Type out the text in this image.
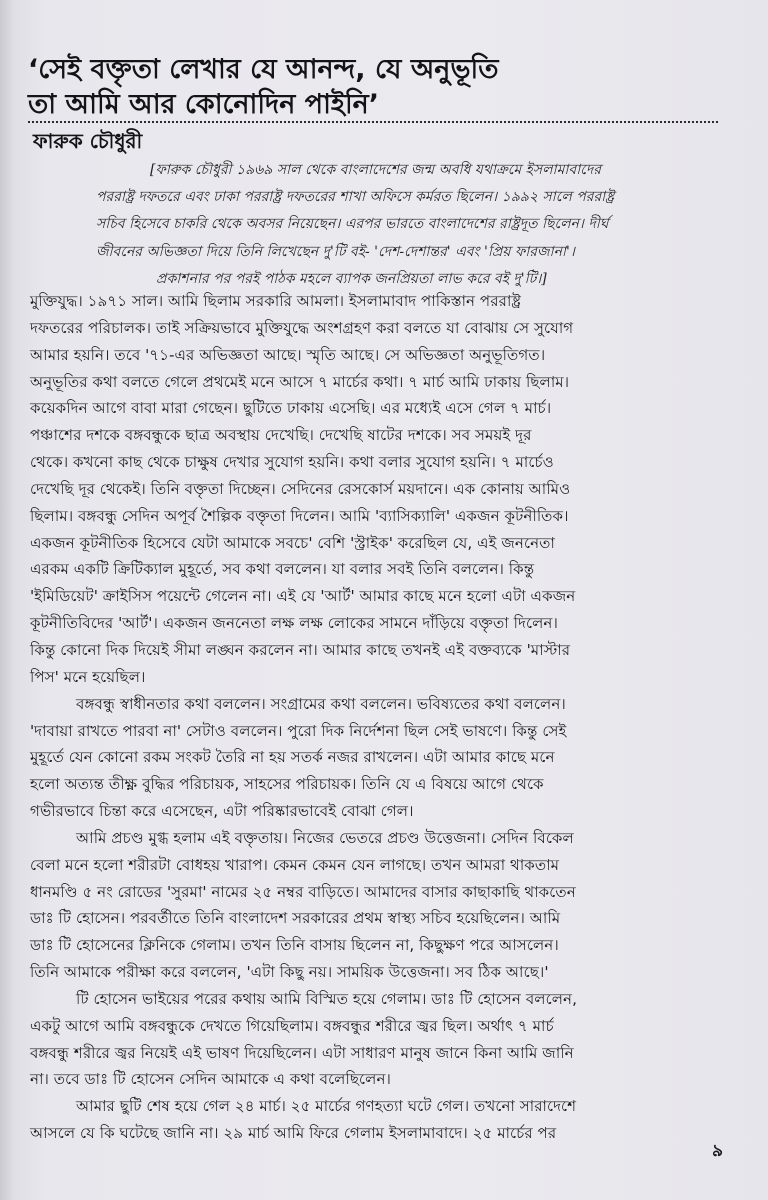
‘সেই বক্তৃতা লেখার যে আনন্দ, যে অনুভূতি
তা আমি আর কোনোদিন পাইনি’
ফারুক চৌধুরী
[ফারুক চৌধুরী ১৯৬৯ সাল থেকে বাংলাদেশের জন্ম অবধি যথাক্রমে ইসলামাবাদের
পররাষ্ট্র দফতরে এবং ঢাকা পররাষ্ট্র দফতরের শাখা অফিসে কর্মরত ছিলেন। ১৯৯২ সালে পররাষ্ট্র
সচিব হিসেবে চাকরি থেকে অবসর নিয়েছেন। এরপর ভারতে বাংলাদেশের রাষ্ট্রদূত ছিলেন। দীর্ঘ
জীবনের অভিজ্ঞতা দিয়ে তিনি লিখেছেন দু'টি বই- 'দেশ-দেশান্তর' এবং 'প্রিয় ফারজানা'।
প্রকাশনার পর পরই পাঠক মহলে ব্যাপক জনপ্রিয়তা লাভ করে বই দু'টি।]
মুক্তিযুদ্ধ। ১৯৭১ সাল। আমি ছিলাম সরকারি আমলা। ইসলামাবাদ পাকিস্তান পররাষ্ট্র
দফতরের পরিচালক। তাই সক্রিয়ভাবে মুক্তিযুদ্ধে অংশগ্রহণ করা বলতে যা বোঝায় সে সুযোগ
আমার হয়নি। তবে '৭১-এর অভিজ্ঞতা আছে। স্মৃতি আছে। সে অভিজ্ঞতা অনুভূতিগত।
অনুভূতির কথা বলতে গেলে প্রথমেই মনে আসে ৭ মার্চের কথা। ৭ মার্চ আমি ঢাকায় ছিলাম।
কয়েকদিন আগে বাবা মারা গেছেন। ছুটিতে ঢাকায় এসেছি। এর মধ্যেই এসে গেল ৭ মার্চ।
পঞ্চাশের দশকে বঙ্গবন্ধুকে ছাত্র অবস্থায় দেখেছি। দেখেছি ষাটের দশকে। সব সময়ই দূর
থেকে। কখনো কাছ থেকে চাক্ষুষ দেখার সুযোগ হয়নি। কথা বলার সুযোগ হয়নি। ৭ মার্চেও
দেখেছি দূর থেকেই। তিনি বক্তৃতা দিচ্ছেন। সেদিনের রেসকোর্স ময়দানে। এক কোনায় আমিও
ছিলাম। বঙ্গবন্ধু সেদিন অপূর্ব শৈল্পিক বক্তৃতা দিলেন। আমি 'ব্যাসিক্যালি' একজন কূটনীতিক।
একজন কূটনীতিক হিসেবে যেটা আমাকে সবচে' বেশি 'স্ট্রাইক' করেছিল যে, এই জননেতা
এরকম একটি ক্রিটিক্যাল মুহূর্তে, সব কথা বললেন। যা বলার সবই তিনি বললেন। কিন্তু
'ইমিডিয়েট' ক্রাইসিস পয়েন্টে গেলেন না। এই যে 'আর্ট' আমার কাছে মনে হলো এটা একজন
কূটনীতিবিদের 'আর্ট'। একজন জননেতা লক্ষ লক্ষ লোকের সামনে দাঁড়িয়ে বক্তৃতা দিলেন।
কিন্তু কোনো দিক দিয়েই সীমা লঙ্ঘন করলেন না। আমার কাছে তখনই এই বক্তব্যকে 'মাস্টার
পিস' মনে হয়েছিল।
বঙ্গবন্ধু স্বাধীনতার কথা বললেন। সংগ্রামের কথা বললেন। ভবিষ্যতের কথা বললেন।
'দাবায়া রাখতে পারবা না' সেটাও বললেন। পুরো দিক নির্দেশনা ছিল সেই ভাষণে। কিন্তু সেই
মুহূর্তে যেন কোনো রকম সংকট তৈরি না হয় সতর্ক নজর রাখলেন। এটা আমার কাছে মনে
হলো অত্যন্ত তীক্ষ্ণ বুদ্ধির পরিচায়ক, সাহসের পরিচায়ক। তিনি যে এ বিষয়ে আগে থেকে
গভীরভাবে চিন্তা করে এসেছেন, এটা পরিষ্কারভাবেই বোঝা গেল।
আমি প্রচণ্ড মুগ্ধ হলাম এই বক্তৃতায়। নিজের ভেতরে প্রচণ্ড উত্তেজনা। সেদিন বিকেল
বেলা মনে হলো শরীরটা বোধহয় খারাপ। কেমন কেমন যেন লাগছে। তখন আমরা থাকতাম
ধানমণ্ডি ৫ নং রোডের 'সুরমা' নামের ২৫ নম্বর বাড়িতে। আমাদের বাসার কাছাকাছি থাকতেন
ডাঃ টি হোসেন। পরবর্তীতে তিনি বাংলাদেশ সরকারের প্রথম স্বাস্থ্য সচিব হয়েছিলেন। আমি
ডাঃ টি হোসেনের ক্লিনিকে গেলাম। তখন তিনি বাসায় ছিলেন না, কিছুক্ষণ পরে আসলেন।
তিনি আমাকে পরীক্ষা করে বললেন, 'এটা কিছু নয়। সাময়িক উত্তেজনা। সব ঠিক আছে।'
টি হোসেন ভাইয়ের পরের কথায় আমি বিস্মিত হয়ে গেলাম। ডাঃ টি হোসেন বললেন,
একটু আগে আমি বঙ্গবন্ধুকে দেখতে গিয়েছিলাম। বঙ্গবন্ধুর শরীরে জ্বর ছিল। অর্থাৎ ৭ মার্চ
বঙ্গবন্ধু শরীরে জ্বর নিয়েই এই ভাষণ দিয়েছিলেন। এটা সাধারণ মানুষ জানে কিনা আমি জানি
না। তবে ডাঃ টি হোসেন সেদিন আমাকে এ কথা বলেছিলেন।
আমার ছুটি শেষ হয়ে গেল ২৪ মার্চ। ২৫ মার্চের গণহত্যা ঘটে গেল। তখনো সারাদেশে
আসলে যে কি ঘটেছে জানি না। ২৯ মার্চ আমি ফিরে গেলাম ইসলামাবাদে। ২৫ মার্চের পর
৯
